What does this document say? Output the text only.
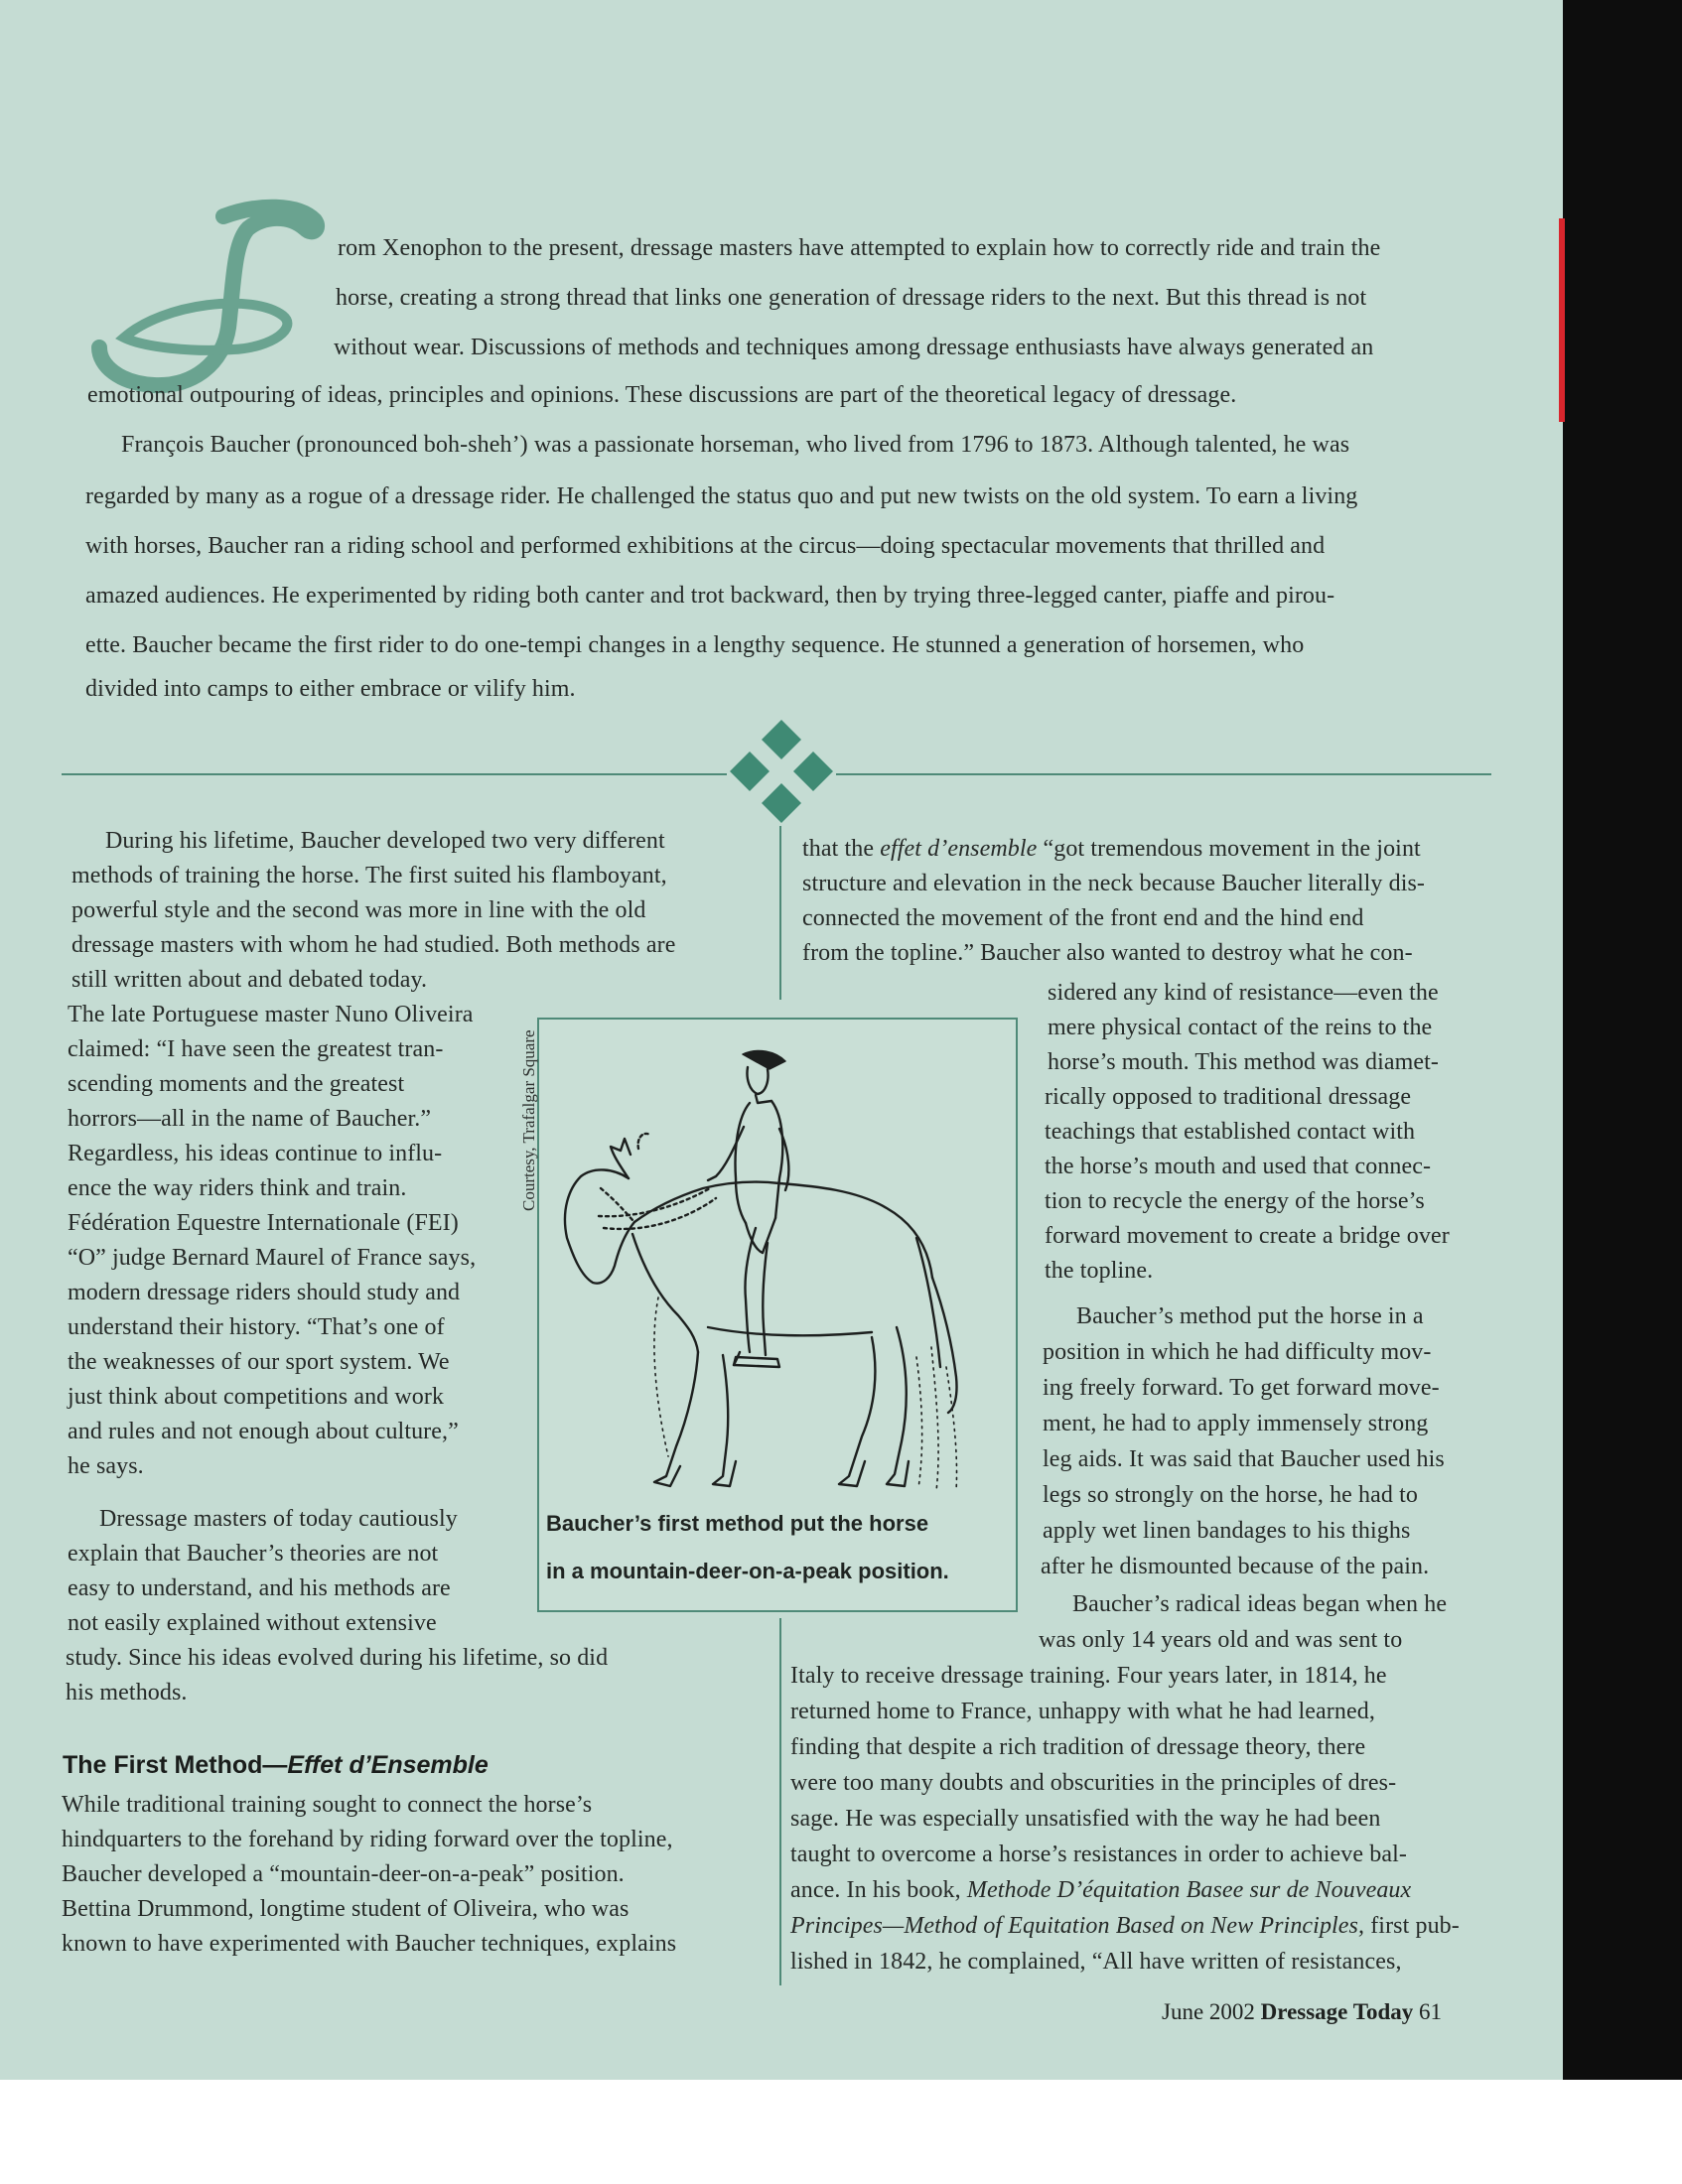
rom Xenophon to the present, dressage masters have attempted to explain how to correctly ride and train the
horse, creating a strong thread that links one generation of dressage riders to the next. But this thread is not
without wear. Discussions of methods and techniques among dressage enthusiasts have always generated an
emotional outpouring of ideas, principles and opinions. These discussions are part of the theoretical legacy of dressage.
François Baucher (pronounced boh-sheh’) was a passionate horseman, who lived from 1796 to 1873. Although talented, he was
regarded by many as a rogue of a dressage rider. He challenged the status quo and put new twists on the old system. To earn a living
with horses, Baucher ran a riding school and performed exhibitions at the circus—doing spectacular movements that thrilled and
amazed audiences. He experimented by riding both canter and trot backward, then by trying three-legged canter, piaffe and pirou-
ette. Baucher became the first rider to do one-tempi changes in a lengthy sequence. He stunned a generation of horsemen, who
divided into camps to either embrace or vilify him.
During his lifetime, Baucher developed two very different
methods of training the horse. The first suited his flamboyant,
powerful style and the second was more in line with the old
dressage masters with whom he had studied. Both methods are
still written about and debated today.
The late Portuguese master Nuno Oliveira
claimed: “I have seen the greatest tran-
scending moments and the greatest
horrors—all in the name of Baucher.”
Regardless, his ideas continue to influ-
ence the way riders think and train.
Fédération Equestre Internationale (FEI)
“O” judge Bernard Maurel of France says,
modern dressage riders should study and
understand their history. “That’s one of
the weaknesses of our sport system. We
just think about competitions and work
and rules and not enough about culture,”
he says.
Dressage masters of today cautiously
explain that Baucher’s theories are not
easy to understand, and his methods are
not easily explained without extensive
study. Since his ideas evolved during his lifetime, so did
his methods.
The First Method—Effet d’Ensemble
While traditional training sought to connect the horse’s
hindquarters to the forehand by riding forward over the topline,
Baucher developed a “mountain-deer-on-a-peak” position.
Bettina Drummond, longtime student of Oliveira, who was
known to have experimented with Baucher techniques, explains
Baucher’s first method put the horse
in a mountain-deer-on-a-peak position.
Courtesy, Trafalgar Square
that the effet d’ensemble “got tremendous movement in the joint
structure and elevation in the neck because Baucher literally dis-
connected the movement of the front end and the hind end
from the topline.” Baucher also wanted to destroy what he con-
sidered any kind of resistance—even the
mere physical contact of the reins to the
horse’s mouth. This method was diamet-
rically opposed to traditional dressage
teachings that established contact with
the horse’s mouth and used that connec-
tion to recycle the energy of the horse’s
forward movement to create a bridge over
the topline.
Baucher’s method put the horse in a
position in which he had difficulty mov-
ing freely forward. To get forward move-
ment, he had to apply immensely strong
leg aids. It was said that Baucher used his
legs so strongly on the horse, he had to
apply wet linen bandages to his thighs
after he dismounted because of the pain.
Baucher’s radical ideas began when he
was only 14 years old and was sent to
Italy to receive dressage training. Four years later, in 1814, he
returned home to France, unhappy with what he had learned,
finding that despite a rich tradition of dressage theory, there
were too many doubts and obscurities in the principles of dres-
sage. He was especially unsatisfied with the way he had been
taught to overcome a horse’s resistances in order to achieve bal-
ance. In his book, Methode D’équitation Basee sur de Nouveaux
Principes—Method of Equitation Based on New Principles, first pub-
lished in 1842, he complained, “All have written of resistances,
June 2002 Dressage Today 61
